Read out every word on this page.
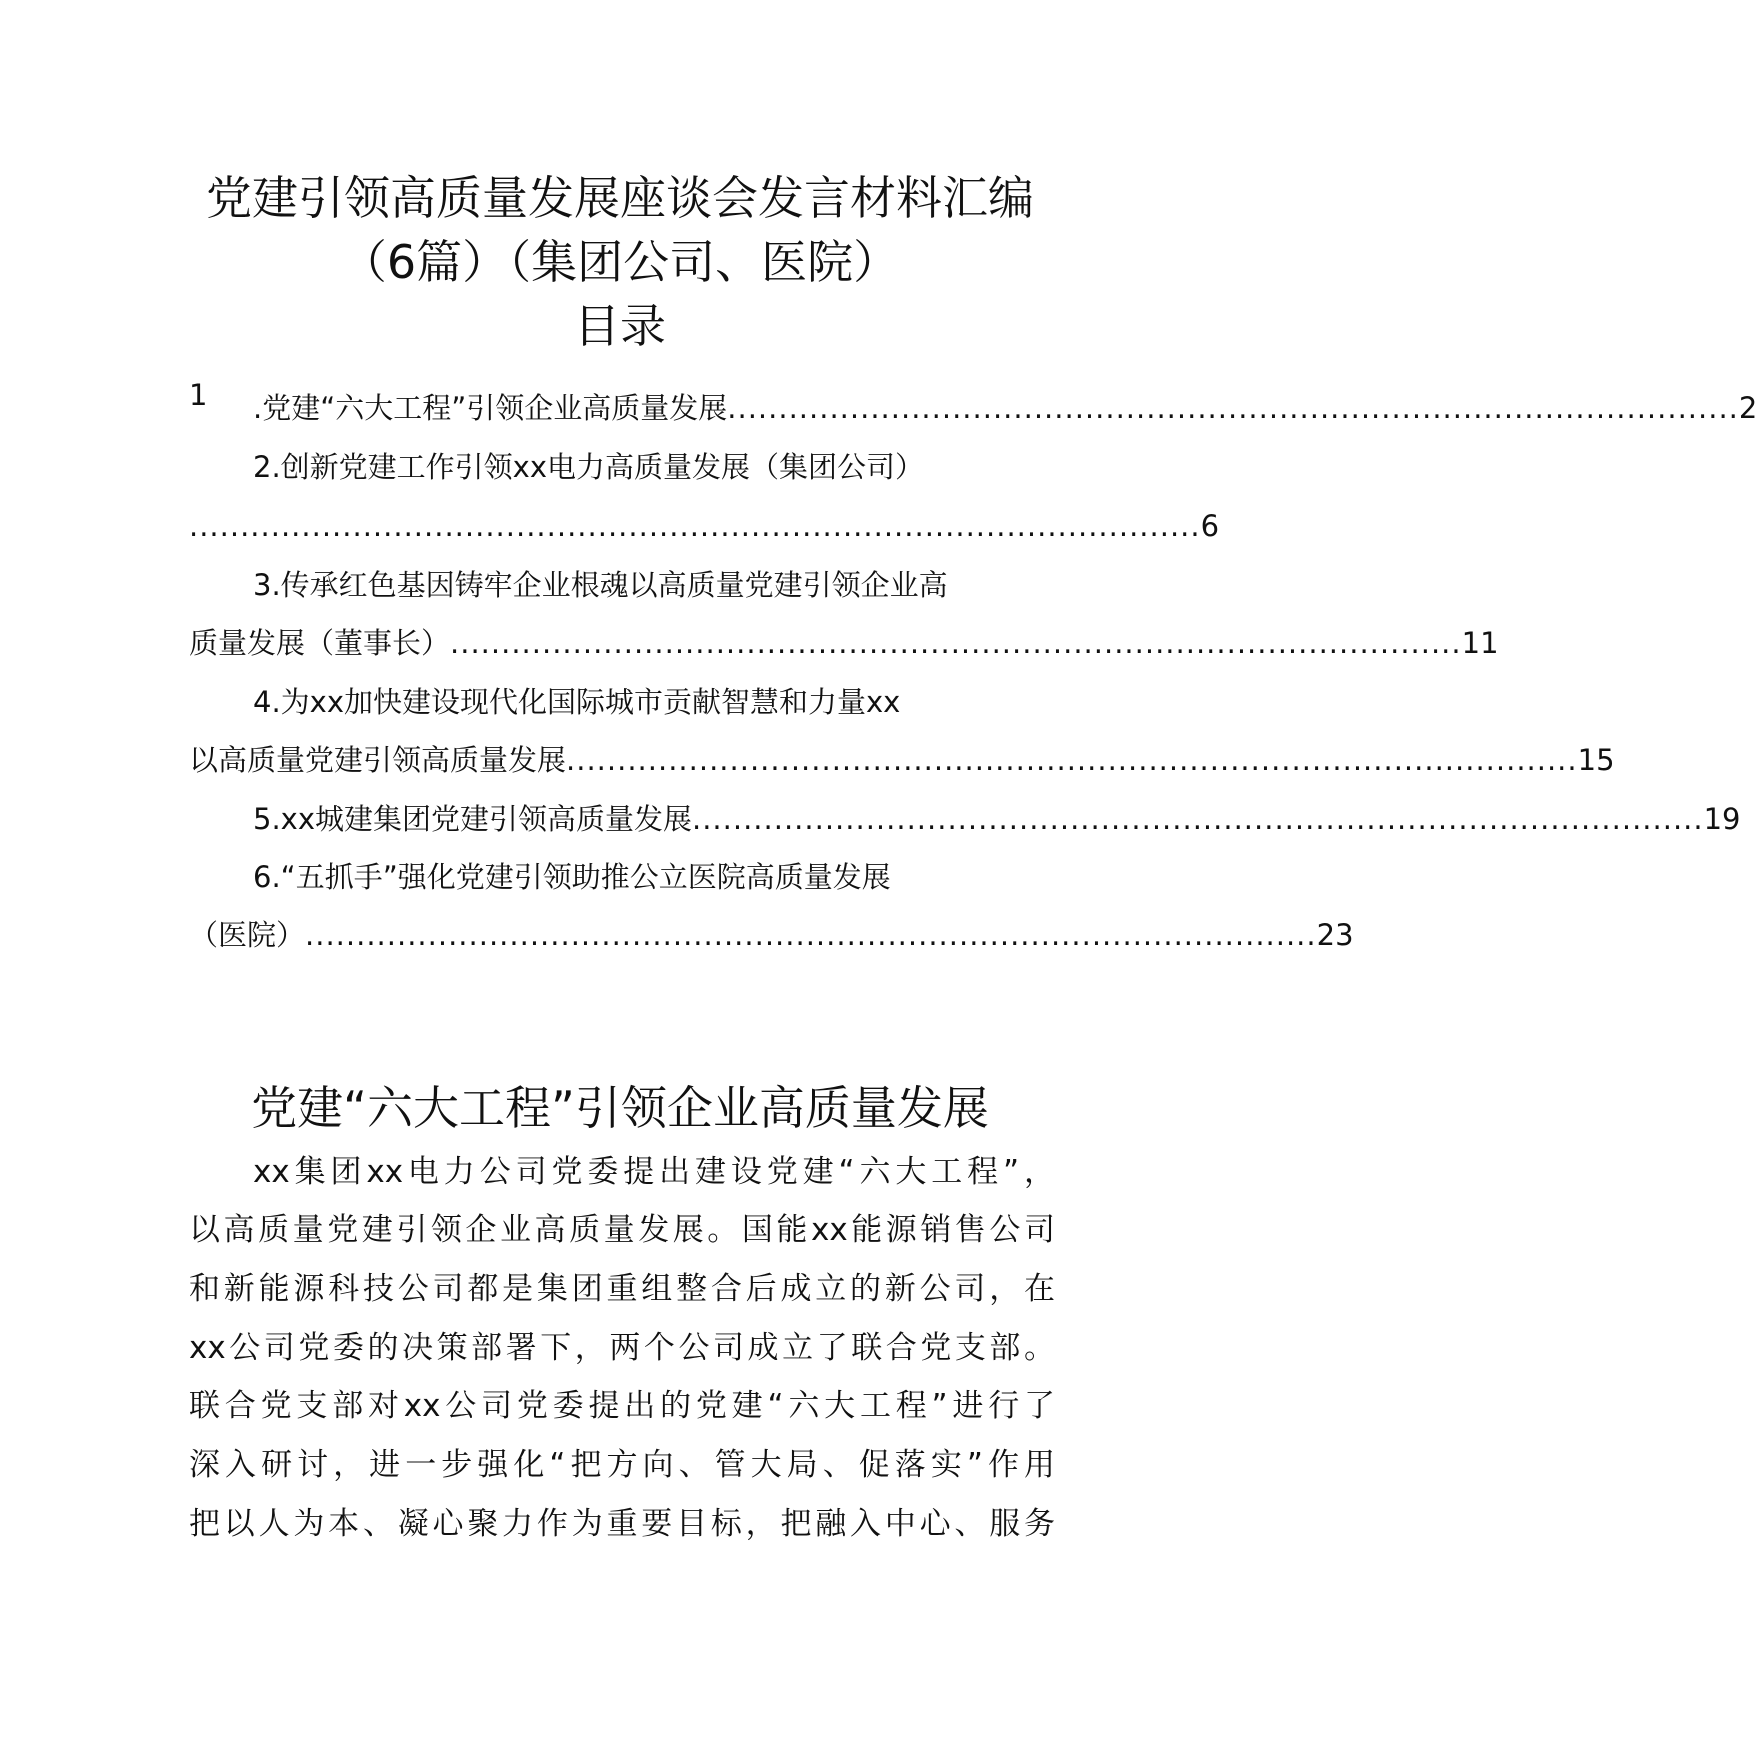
党建引领高质量发展座谈会发言材料汇编
（6篇）（集团公司、医院）
目录
1 .党建“六大工程”引领企业高质量发展 ................................................................................................... 2
2.创新党建工作引领xx电力高质量发展（集团公司）
................................................................................................... 6
3.传承红色基因铸牢企业根魂以高质量党建引领企业高
质量发展（董事长） ................................................................................................... 11
4.为xx加快建设现代化国际城市贡献智慧和力量xx
以高质量党建引领高质量发展 ................................................................................................... 15
5.xx城建集团党建引领高质量发展 ................................................................................................... 19
6.“五抓手”强化党建引领助推公立医院高质量发展
（医院） ................................................................................................... 23
党建“六大工程”引领企业高质量发展
xx集团xx电力公司党委提出建设党建“六大工程”，
以高质量党建引领企业高质量发展。国能xx能源销售公司
和新能源科技公司都是集团重组整合后成立的新公司，在
xx公司党委的决策部署下，两个公司成立了联合党支部。
联合党支部对xx公司党委提出的党建“六大工程”进行了
深入研讨，进一步强化“把方向、管大局、促落实”作用
把以人为本、凝心聚力作为重要目标，把融入中心、服务
